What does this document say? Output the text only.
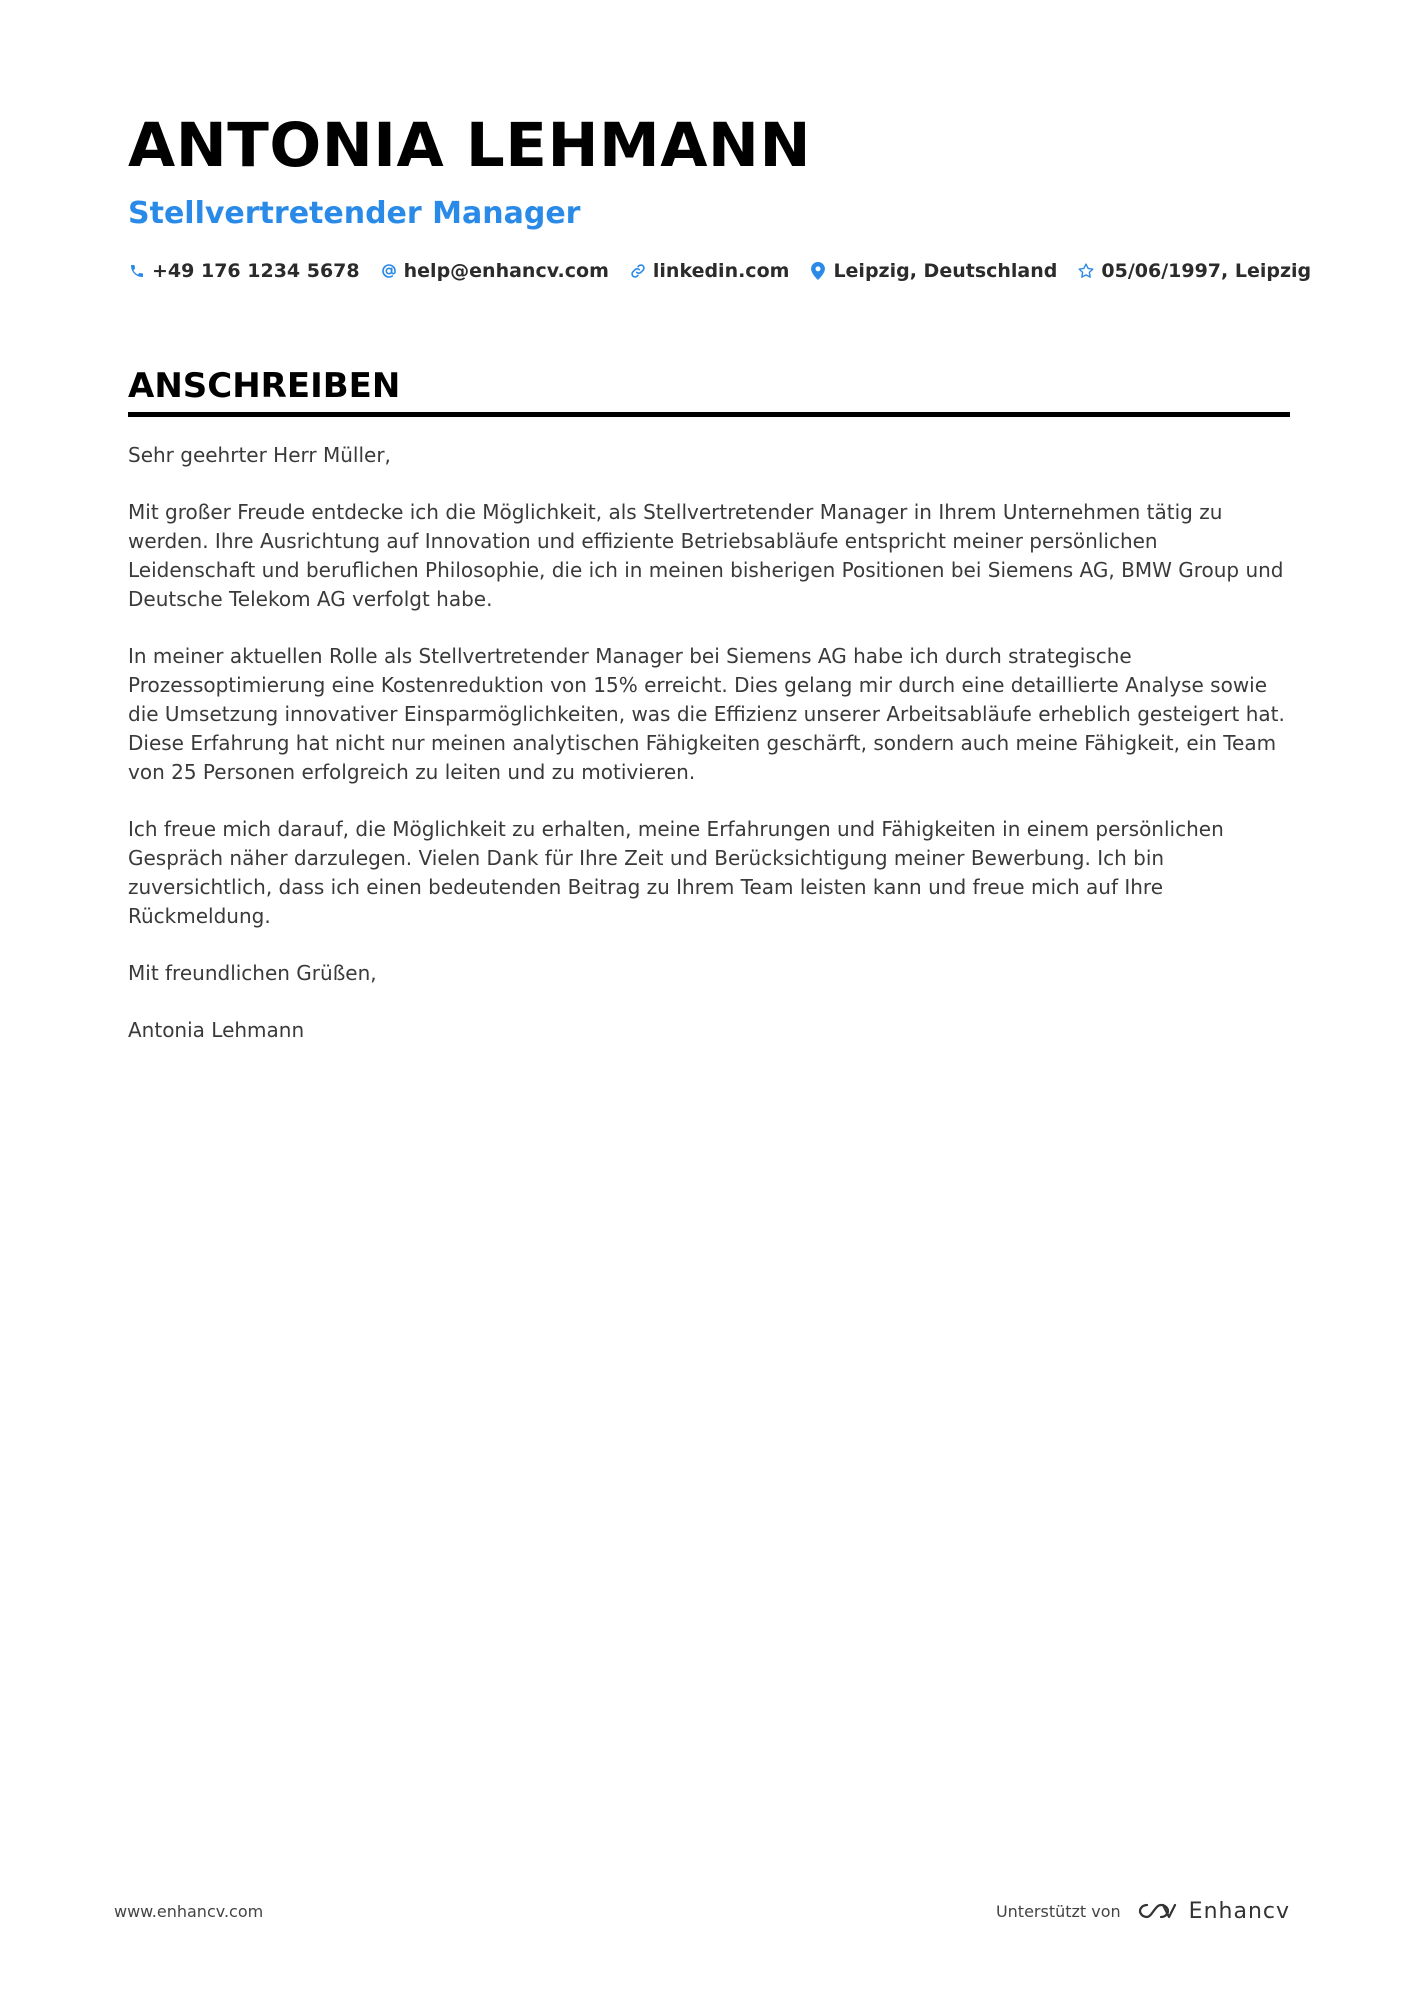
ANTONIA LEHMANN
Stellvertretender Manager
+49 176 1234 5678 help@enhancv.com linkedin.com Leipzig, Deutschland 05/06/1997, Leipzig
ANSCHREIBEN

Sehr geehrter Herr Müller,

Mit großer Freude entdecke ich die Möglichkeit, als Stellvertretender Manager in Ihrem Unternehmen tätig zu werden. Ihre Ausrichtung auf Innovation und effiziente Betriebsabläufe entspricht meiner persönlichen Leidenschaft und beruflichen Philosophie, die ich in meinen bisherigen Positionen bei Siemens AG, BMW Group und Deutsche Telekom AG verfolgt habe.

In meiner aktuellen Rolle als Stellvertretender Manager bei Siemens AG habe ich durch strategische Prozessoptimierung eine Kostenreduktion von 15% erreicht. Dies gelang mir durch eine detaillierte Analyse sowie die Umsetzung innovativer Einsparmöglichkeiten, was die Effizienz unserer Arbeitsabläufe erheblich gesteigert hat. Diese Erfahrung hat nicht nur meinen analytischen Fähigkeiten geschärft, sondern auch meine Fähigkeit, ein Team von 25 Personen erfolgreich zu leiten und zu motivieren.

Ich freue mich darauf, die Möglichkeit zu erhalten, meine Erfahrungen und Fähigkeiten in einem persönlichen Gespräch näher darzulegen. Vielen Dank für Ihre Zeit und Berücksichtigung meiner Bewerbung. Ich bin zuversichtlich, dass ich einen bedeutenden Beitrag zu Ihrem Team leisten kann und freue mich auf Ihre Rückmeldung.

Mit freundlichen Grüßen,

Antonia Lehmann

www.enhancv.com	Unterstützt von	Enhancv
